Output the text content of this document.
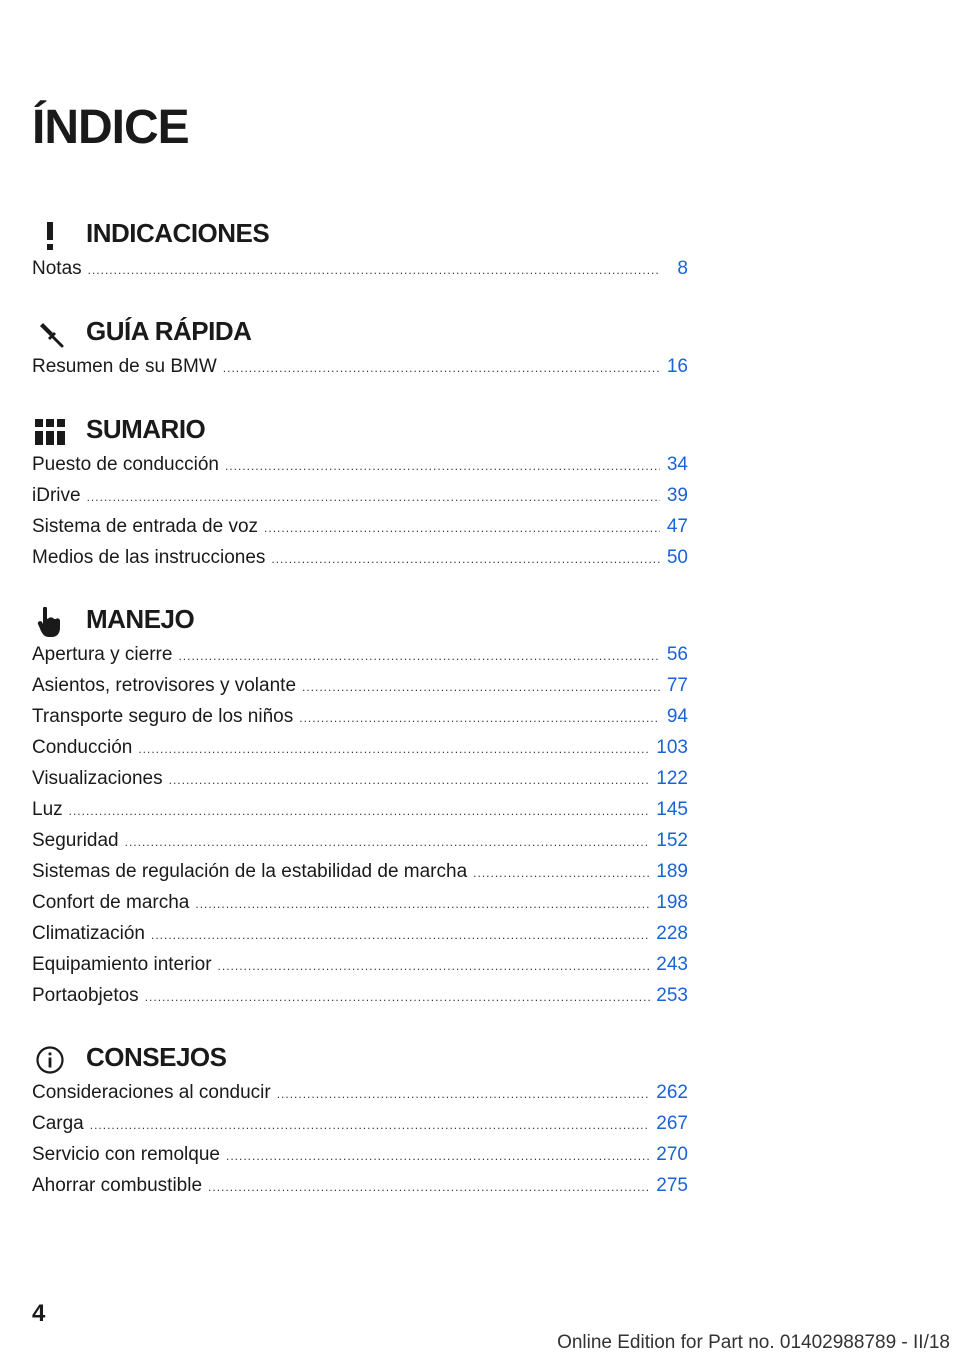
ÍNDICE
INDICACIONES
Notas .....	8
GUÍA RÁPIDA
Resumen de su BMW .....	16
SUMARIO
Puesto de conducción .....	34
iDrive .....	39
Sistema de entrada de voz .....	47
Medios de las instrucciones .....	50
MANEJO
Apertura y cierre .....	56
Asientos, retrovisores y volante .....	77
Transporte seguro de los niños .....	94
Conducción .....	103
Visualizaciones .....	122
Luz .....	145
Seguridad .....	152
Sistemas de regulación de la estabilidad de marcha .....	189
Confort de marcha .....	198
Climatización .....	228
Equipamiento interior .....	243
Portaobjetos .....	253
CONSEJOS
Consideraciones al conducir .....	262
Carga .....	267
Servicio con remolque .....	270
Ahorrar combustible .....	275
4
Online Edition for Part no. 01402988789 - II/18
